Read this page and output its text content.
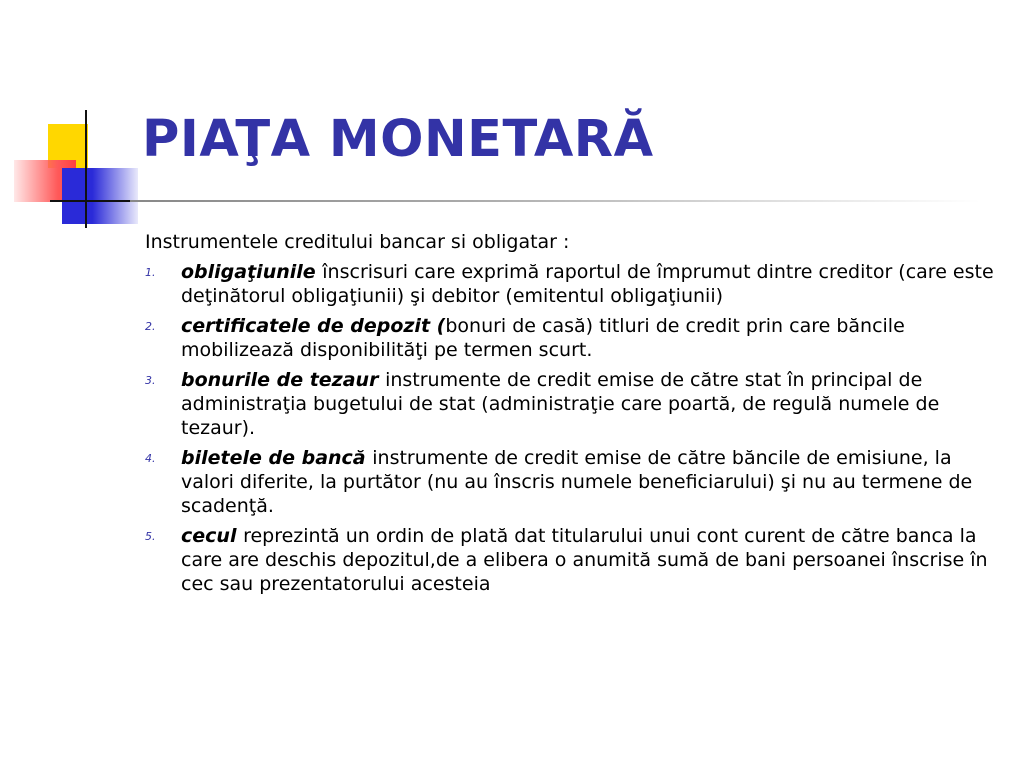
PIAŢA MONETARĂ

Instrumentele creditului bancar si obligatar :

1. obligaţiunile înscrisuri care exprimă raportul de împrumut dintre creditor (care este deţinătorul obligaţiunii) şi debitor (emitentul obligaţiunii)
2. certificatele de depozit (bonuri de casă) titluri de credit prin care băncile mobilizează disponibilităţi pe termen scurt.
3. bonurile de tezaur instrumente de credit emise de către stat în principal de administraţia bugetului de stat (administraţie care poartă, de regulă numele de tezaur).
4. biletele de bancă instrumente de credit emise de către băncile de emisiune, la valori diferite, la purtător (nu au înscris numele beneficiarului) şi nu au termene de scadenţă.
5. cecul reprezintă un ordin de plată dat titularului unui cont curent de către banca la care are deschis depozitul,de a elibera o anumită sumă de bani persoanei înscrise în cec sau prezentatorului acesteia
